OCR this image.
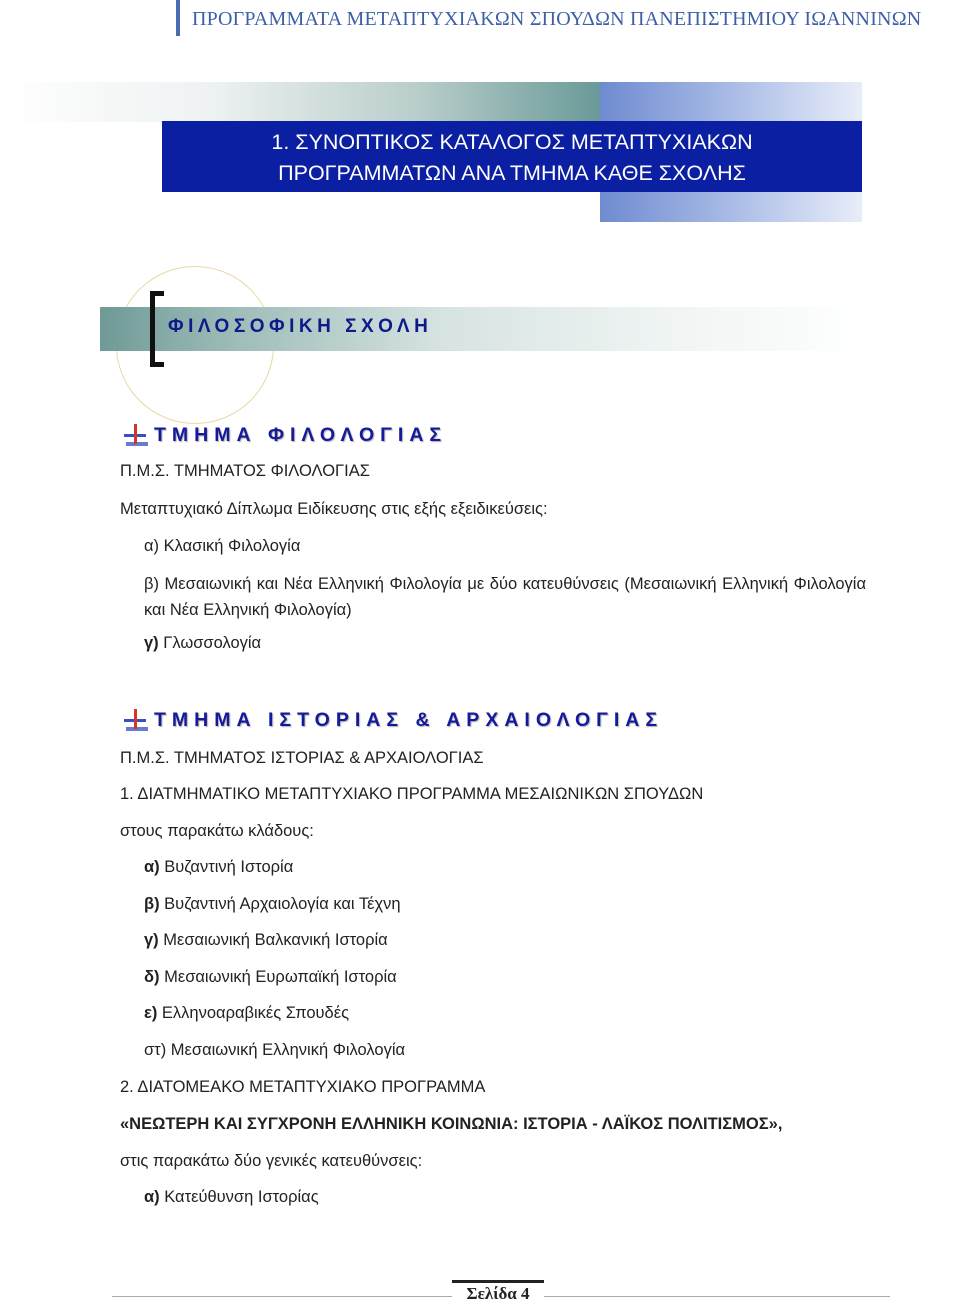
ΠΡΟΓΡΑΜΜΑΤΑ ΜΕΤΑΠΤΥΧΙΑΚΩΝ ΣΠΟΥΔΩΝ ΠΑΝΕΠΙΣΤΗΜΙΟΥ ΙΩΑΝΝΙΝΩΝ
1. ΣΥΝΟΠΤΙΚΟΣ ΚΑΤΑΛΟΓΟΣ ΜΕΤΑΠΤΥΧΙΑΚΩΝ
ΠΡΟΓΡΑΜΜΑΤΩΝ ΑΝΑ ΤΜΗΜΑ ΚΑΘΕ ΣΧΟΛΗΣ
ΦΙΛΟΣΟΦΙΚΗ ΣΧΟΛΗ
ΤΜΗΜΑ ΦΙΛΟΛΟΓΙΑΣ
Π.Μ.Σ. ΤΜΗΜΑΤΟΣ ΦΙΛΟΛΟΓΙΑΣ
Μεταπτυχιακό Δίπλωμα Ειδίκευσης στις εξής εξειδικεύσεις:
α) Κλασική Φιλολογία
β) Μεσαιωνική και Νέα Ελληνική Φιλολογία με δύο κατευθύνσεις (Μεσαιωνική Ελληνική Φιλολογία και Νέα Ελληνική Φιλολογία)
γ) Γλωσσολογία
ΤΜΗΜΑ ΙΣΤΟΡΙΑΣ & ΑΡΧΑΙΟΛΟΓΙΑΣ
Π.Μ.Σ. ΤΜΗΜΑΤΟΣ ΙΣΤΟΡΙΑΣ & ΑΡΧΑΙΟΛΟΓΙΑΣ
1. ΔΙΑΤΜΗΜΑΤΙΚΟ ΜΕΤΑΠΤΥΧΙΑΚΟ ΠΡΟΓΡΑΜΜΑ ΜΕΣΑΙΩΝΙΚΩΝ ΣΠΟΥΔΩΝ
στους παρακάτω κλάδους:
α) Βυζαντινή Ιστορία
β) Βυζαντινή Αρχαιολογία και Τέχνη
γ) Μεσαιωνική Βαλκανική Ιστορία
δ) Μεσαιωνική Ευρωπαϊκή Ιστορία
ε) Ελληνοαραβικές Σπουδές
στ) Μεσαιωνική Ελληνική Φιλολογία
2. ΔΙΑΤΟΜΕΑΚΟ ΜΕΤΑΠΤΥΧΙΑΚΟ ΠΡΟΓΡΑΜΜΑ
«ΝΕΩΤΕΡΗ ΚΑΙ ΣΥΓΧΡΟΝΗ ΕΛΛΗΝΙΚΗ ΚΟΙΝΩΝΙΑ: ΙΣΤΟΡΙΑ - ΛΑΪΚΟΣ ΠΟΛΙΤΙΣΜΟΣ»,
στις παρακάτω δύο γενικές κατευθύνσεις:
α) Κατεύθυνση Ιστορίας
Σελίδα 4
